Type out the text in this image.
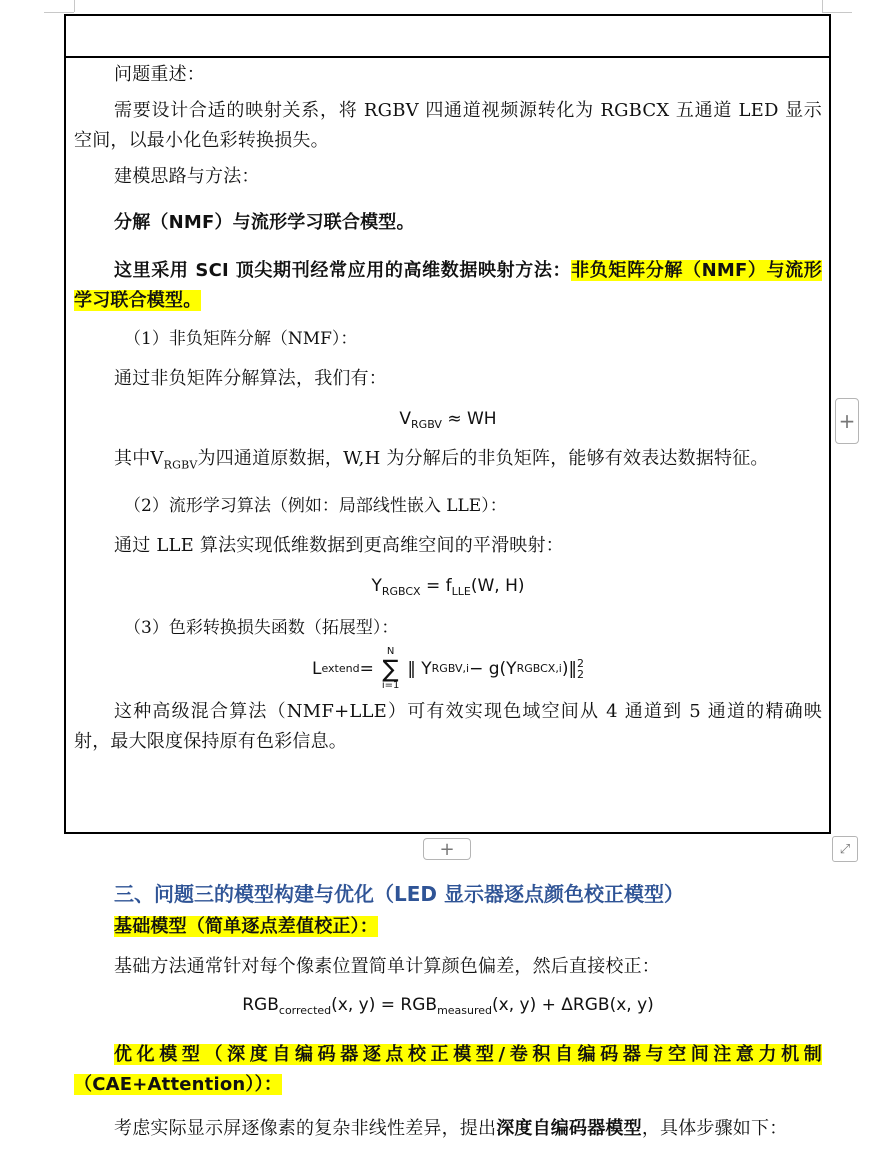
问题重述：

需要设计合适的映射关系，将 RGBV 四通道视频源转化为 RGBCX 五通道 LED 显示空间，以最小化色彩转换损失。

建模思路与方法：

分解（NMF）与流形学习联合模型。

这里采用 SCI 顶尖期刊经常应用的高维数据映射方法：非负矩阵分解（NMF）与流形学习联合模型。

（1）非负矩阵分解（NMF）：

通过非负矩阵分解算法，我们有：

$V_{RGBV}$ ≈ WH

其中$V_{RGBV}$为四通道原数据，W,H 为分解后的非负矩阵，能够有效表达数据特征。

（2）流形学习算法（例如：局部线性嵌入 LLE）：

通过 LLE 算法实现低维数据到更高维空间的平滑映射：

$Y_{RGBCX} = f_{LLE}(W$, H)

（3）色彩转换损失函数（拓展型）：

L extend =
N
∑
i=1
‖ Y RGBV,i − g(Y RGBCX,i )‖ 2
2

这种高级混合算法（NMF+LLE）可有效实现色域空间从 4 通道到 5 通道的精确映射，最大限度保持原有色彩信息。

+
+	⤢

三、问题三的模型构建与优化（LED 显示器逐点颜色校正模型）

基础模型（简单逐点差值校正）：

基础方法通常针对每个像素位置简单计算颜色偏差，然后直接校正：

$RGB_{corrected}(x$, $y) = RGB_{measured}(x$, y) + ΔRGB(x, y)

优化模型（深度自编码器逐点校正模型/卷积自编码器与空间注意力机制（CAE+Attention））：

考虑实际显示屏逐像素的复杂非线性差异，提出深度自编码器模型，具体步骤如下：
